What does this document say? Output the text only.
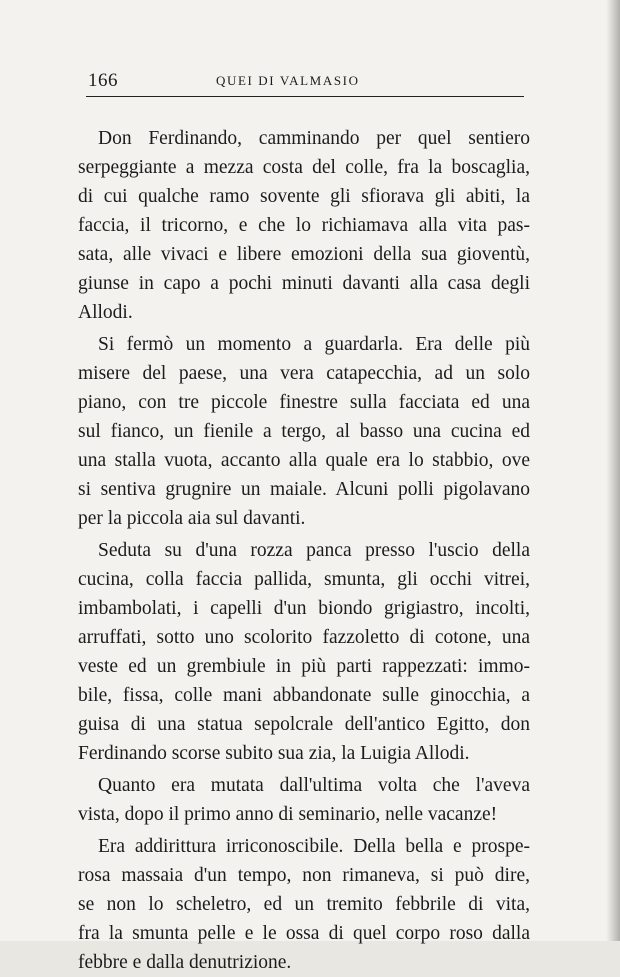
166	QUEI DI VALMASIO
Don Ferdinando, camminando per quel sentiero
serpeggiante a mezza costa del colle, fra la boscaglia,
di cui qualche ramo sovente gli sfiorava gli abiti, la
faccia, il tricorno, e che lo richiamava alla vita pas-
sata, alle vivaci e libere emozioni della sua gioventù,
giunse in capo a pochi minuti davanti alla casa degli
Allodi.
Si fermò un momento a guardarla. Era delle più
misere del paese, una vera catapecchia, ad un solo
piano, con tre piccole finestre sulla facciata ed una
sul fianco, un fienile a tergo, al basso una cucina ed
una stalla vuota, accanto alla quale era lo stabbio, ove
si sentiva grugnire un maiale. Alcuni polli pigolavano
per la piccola aia sul davanti.
Seduta su d'una rozza panca presso l'uscio della
cucina, colla faccia pallida, smunta, gli occhi vitrei,
imbambolati, i capelli d'un biondo grigiastro, incolti,
arruffati, sotto uno scolorito fazzoletto di cotone, una
veste ed un grembiule in più parti rappezzati: immo-
bile, fissa, colle mani abbandonate sulle ginocchia, a
guisa di una statua sepolcrale dell'antico Egitto, don
Ferdinando scorse subito sua zia, la Luigia Allodi.
Quanto era mutata dall'ultima volta che l'aveva
vista, dopo il primo anno di seminario, nelle vacanze!
Era addirittura irriconoscibile. Della bella e prospe-
rosa massaia d'un tempo, non rimaneva, si può dire,
se non lo scheletro, ed un tremito febbrile di vita,
fra la smunta pelle e le ossa di quel corpo roso dalla
febbre e dalla denutrizione.
